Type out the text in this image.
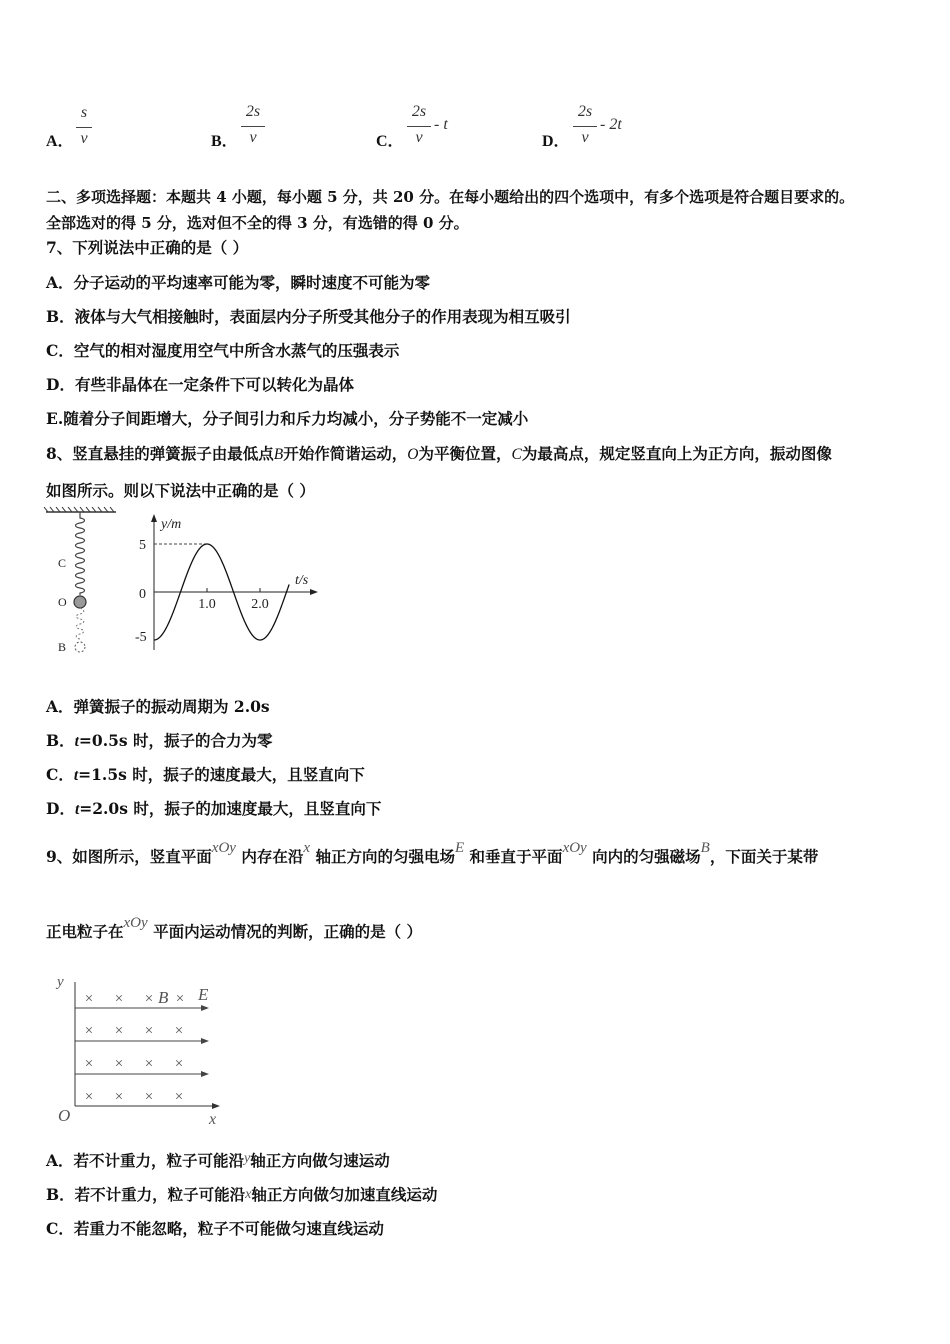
A．
s
v	B．
2s
v	C．
2s
v
- t
D．
2s
v
- 2t
二、多项选择题：本题共 4 小题，每小题 5 分，共 20 分。在每小题给出的四个选项中，有多个选项是符合题目要求的。
全部选对的得 5 分，选对但不全的得 3 分，有选错的得 0 分。
7、下列说法中正确的是（ ）
A．分子运动的平均速率可能为零，瞬时速度不可能为零
B．液体与大气相接触时，表面层内分子所受其他分子的作用表现为相互吸引
C．空气的相对湿度用空气中所含水蒸气的压强表示
D．有些非晶体在一定条件下可以转化为晶体
E.随着分子间距增大，分子间引力和斥力均减小，分子势能不一定减小
8、竖直悬挂的弹簧振子由最低点B开始作简谐运动，O为平衡位置，C为最高点，规定竖直向上为正方向，振动图像
如图所示。则以下说法中正确的是（ ）
C
O
B
y/m
t/s
5
0
-5
1.0	2.0
A．弹簧振子的振动周期为 2.0s
B．t=0.5s 时，振子的合力为零
C．t=1.5s 时，振子的速度最大，且竖直向下
D．t=2.0s 时，振子的加速度最大，且竖直向下
9、如图所示，竖直平面xOy 内存在沿x 轴正方向的匀强电场E 和垂直于平面xOy 向内的匀强磁场B，下面关于某带
正电粒子在xOy 平面内运动情况的判断，正确的是（ ）
y
O	x
× × ×
× × × ×
× × × ×
× × × ×
×
B E
A．若不计重力，粒子可能沿y轴正方向做匀速运动
B．若不计重力，粒子可能沿x轴正方向做匀加速直线运动
C．若重力不能忽略，粒子不可能做匀速直线运动
